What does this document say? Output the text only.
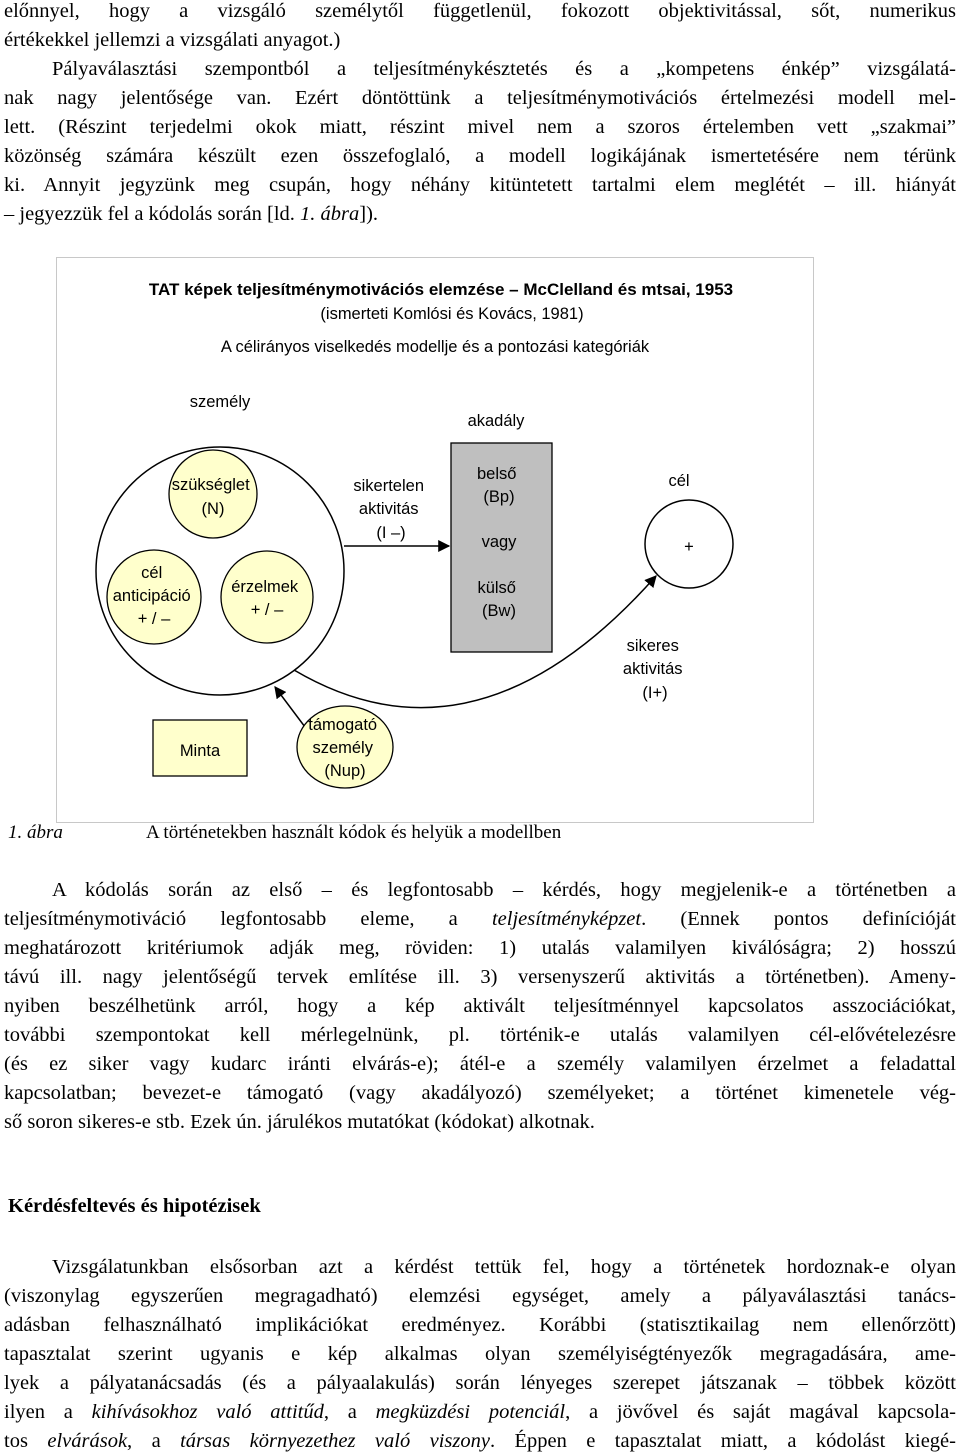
előnnyel, hogy a vizsgáló személytől függetlenül, fokozott objektivitással, sőt, numerikus
értékekkel jellemzi a vizsgálati anyagot.)
Pályaválasztási szempontból a teljesítménykésztetés és a „kompetens énkép” vizsgálatá-
nak nagy jelentősége van. Ezért döntöttünk a teljesítménymotivációs értelmezési modell mel-
lett. (Részint terjedelmi okok miatt, részint mivel nem a szoros értelemben vett „szakmai”
közönség számára készült ezen összefoglaló, a modell logikájának ismertetésére nem térünk
ki. Annyit jegyzünk meg csupán, hogy néhány kitüntetett tartalmi elem meglétét – ill. hiányát
– jegyezzük fel a kódolás során [ld. 1. ábra]).

TAT képek teljesítménymotivációs elemzése – McClelland és mtsai, 1953
(ismerteti Komlósi és Kovács, 1981)
A célirányos viselkedés modellje és a pontozási kategóriák
személy
akadály
szükséglet (N)
cél anticipáció + / –
érzelmek + / –
sikertelen aktivitás (I –)
belső (Bp)
vagy
külső (Bw)
cél
+
sikeres aktivitás (I+)
Minta
támogató személy (Nup)
1. ábra	A történetekben használt kódok és helyük a modellben

A kódolás során az első – és legfontosabb – kérdés, hogy megjelenik-e a történetben a
teljesítménymotiváció legfontosabb eleme, a teljesítményképzet. (Ennek pontos definícióját
meghatározott kritériumok adják meg, röviden: 1) utalás valamilyen kiválóságra; 2) hosszú
távú ill. nagy jelentőségű tervek említése ill. 3) versenyszerű aktivitás a történetben). Ameny-
nyiben beszélhetünk arról, hogy a kép aktivált teljesítménnyel kapcsolatos asszociációkat,
további szempontokat kell mérlegelnünk, pl. történik-e utalás valamilyen cél-elővételezésre
(és ez siker vagy kudarc iránti elvárás-e); átél-e a személy valamilyen érzelmet a feladattal
kapcsolatban; bevezet-e támogató (vagy akadályozó) személyeket; a történet kimenetele vég-
ső soron sikeres-e stb. Ezek ún. járulékos mutatókat (kódokat) alkotnak.

Kérdésfeltevés és hipotézisek

Vizsgálatunkban elsősorban azt a kérdést tettük fel, hogy a történetek hordoznak-e olyan
(viszonylag egyszerűen megragadható) elemzési egységet, amely a pályaválasztási tanács-
adásban felhasználható implikációkat eredményez. Korábbi (statisztikailag nem ellenőrzött)
tapasztalat szerint ugyanis e kép alkalmas olyan személyiségtényezők megragadására, ame-
lyek a pályatanácsadás (és a pályaalakulás) során lényeges szerepet játszanak – többek között
ilyen a kihívásokhoz való attitűd, a megküzdési potenciál, a jövővel és saját magával kapcsola-
tos elvárások, a társas környezethez való viszony. Éppen e tapasztalat miatt, a kódolást kiegé-
